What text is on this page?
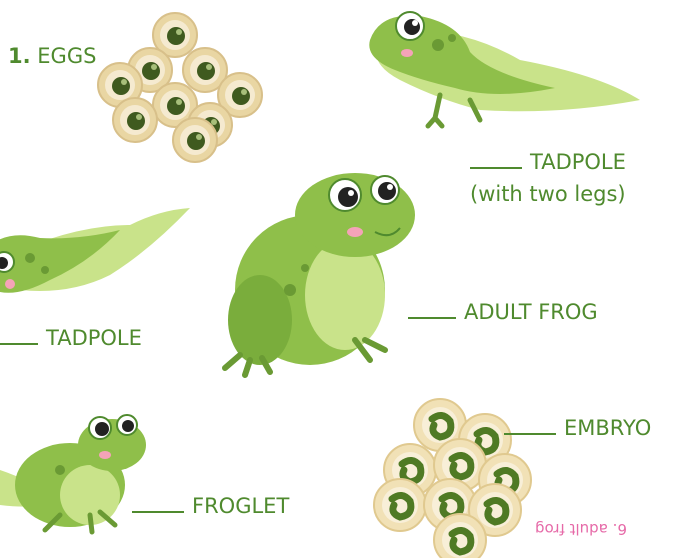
1. EGGS
TADPOLE
(with two legs)
ADULT FROG
TADPOLE
EMBRYO
FROGLET
6. adult frog
